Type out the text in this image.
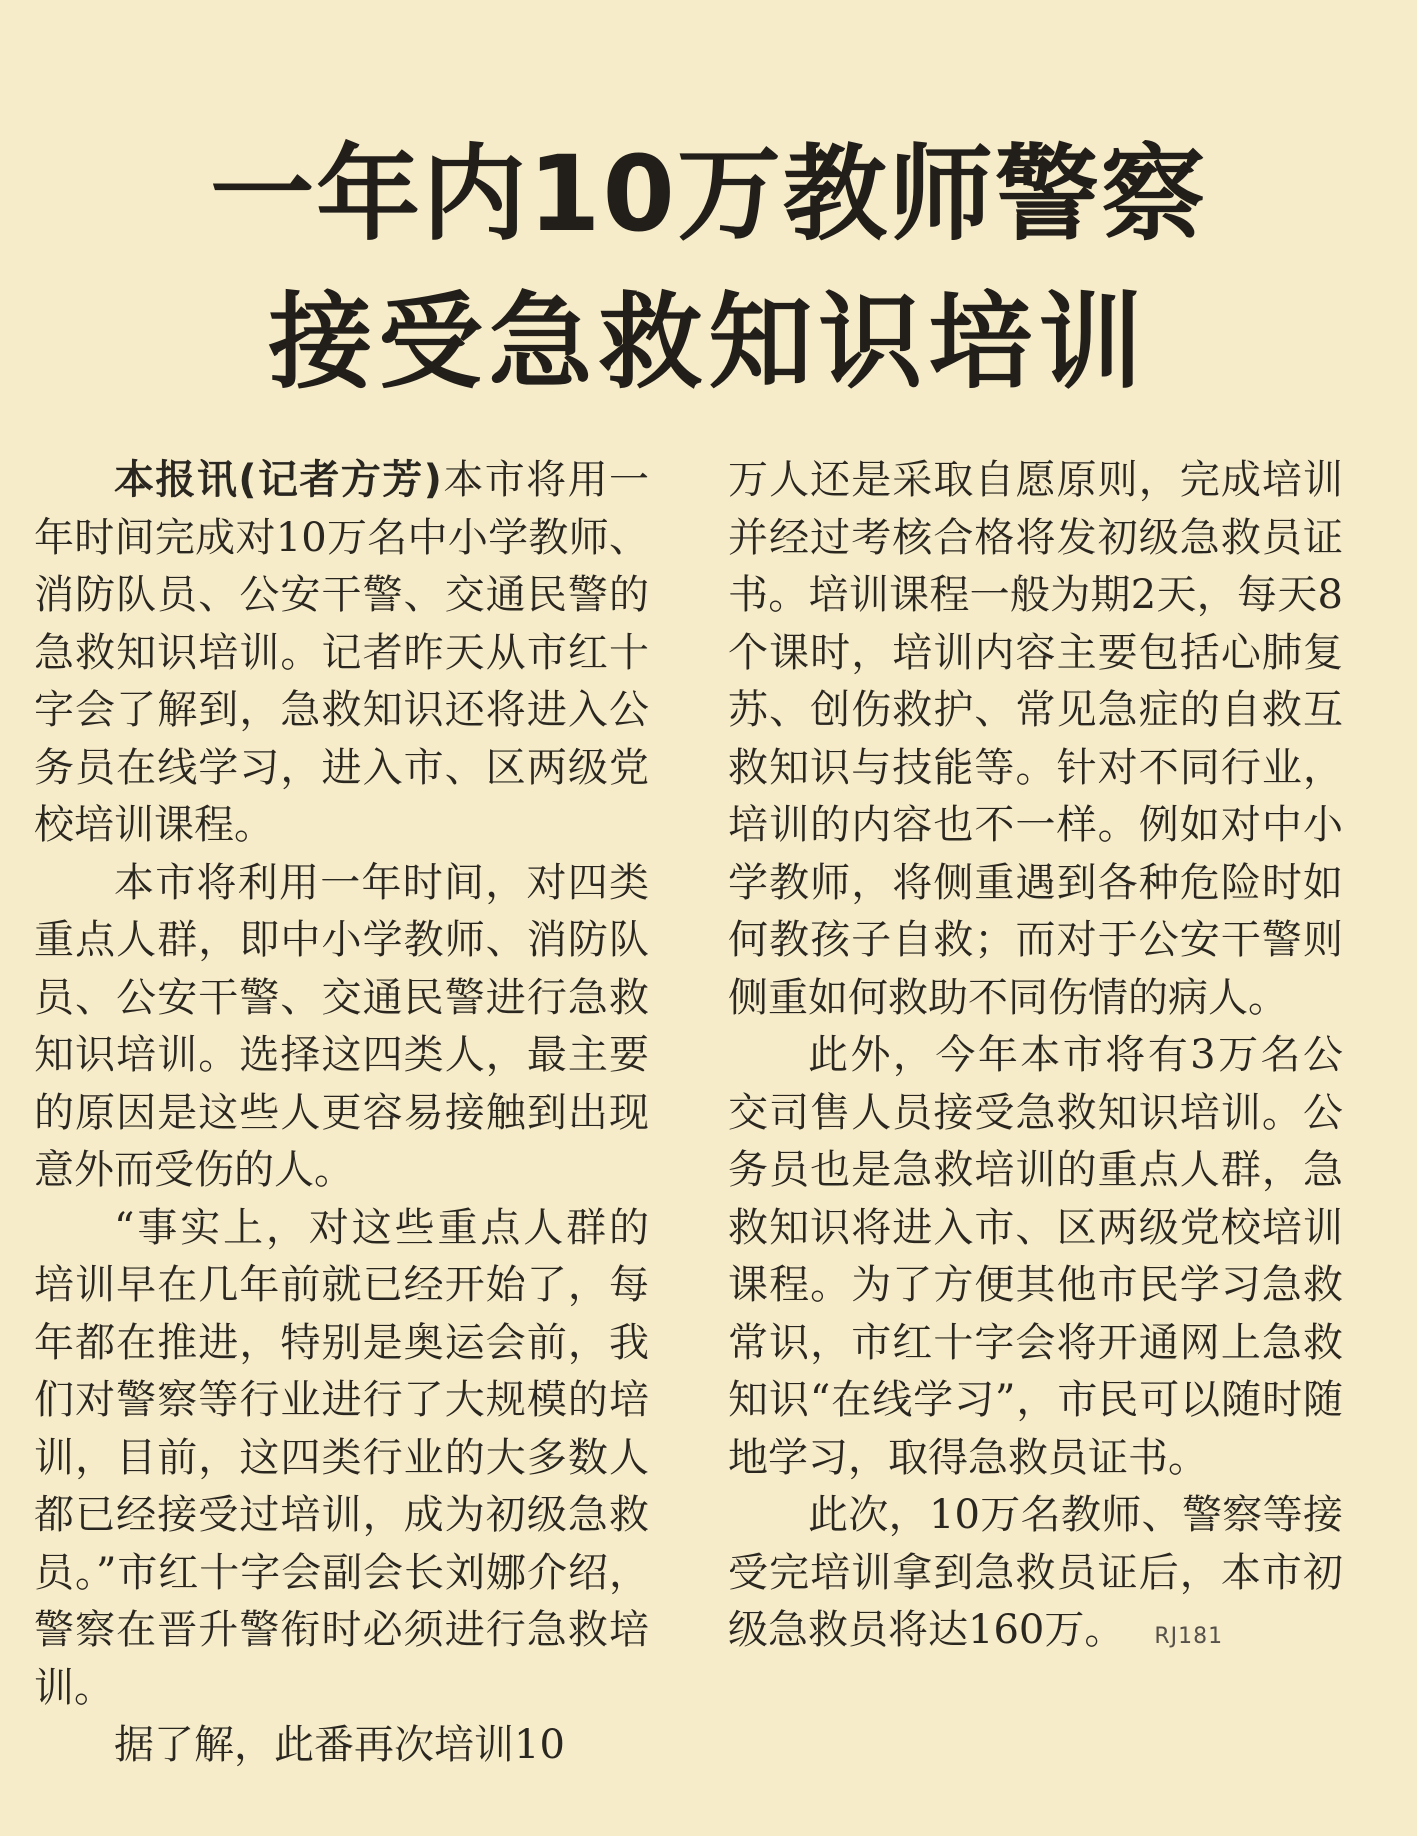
一年内10万教师警察
接受急救知识培训

本报讯(记者方芳)本市将用一年时间完成对10万名中小学教师、消防队员、公安干警、交通民警的急救知识培训。记者昨天从市红十字会了解到，急救知识还将进入公务员在线学习，进入市、区两级党校培训课程。

本市将利用一年时间，对四类重点人群，即中小学教师、消防队员、公安干警、交通民警进行急救知识培训。选择这四类人，最主要的原因是这些人更容易接触到出现意外而受伤的人。

“事实上，对这些重点人群的培训早在几年前就已经开始了，每年都在推进，特别是奥运会前，我们对警察等行业进行了大规模的培训，目前，这四类行业的大多数人都已经接受过培训，成为初级急救员。”市红十字会副会长刘娜介绍，警察在晋升警衔时必须进行急救培训。

据了解，此番再次培训10

万人还是采取自愿原则，完成培训并经过考核合格将发初级急救员证书。培训课程一般为期2天，每天8个课时，培训内容主要包括心肺复苏、创伤救护、常见急症的自救互救知识与技能等。针对不同行业，培训的内容也不一样。例如对中小学教师，将侧重遇到各种危险时如何教孩子自救；而对于公安干警则侧重如何救助不同伤情的病人。

此外，今年本市将有3万名公交司售人员接受急救知识培训。公务员也是急救培训的重点人群，急救知识将进入市、区两级党校培训课程。为了方便其他市民学习急救常识，市红十字会将开通网上急救知识“在线学习”，市民可以随时随地学习，取得急救员证书。

此次，10万名教师、警察等接受完培训拿到急救员证后，本市初级急救员将达160万。 RJ181
